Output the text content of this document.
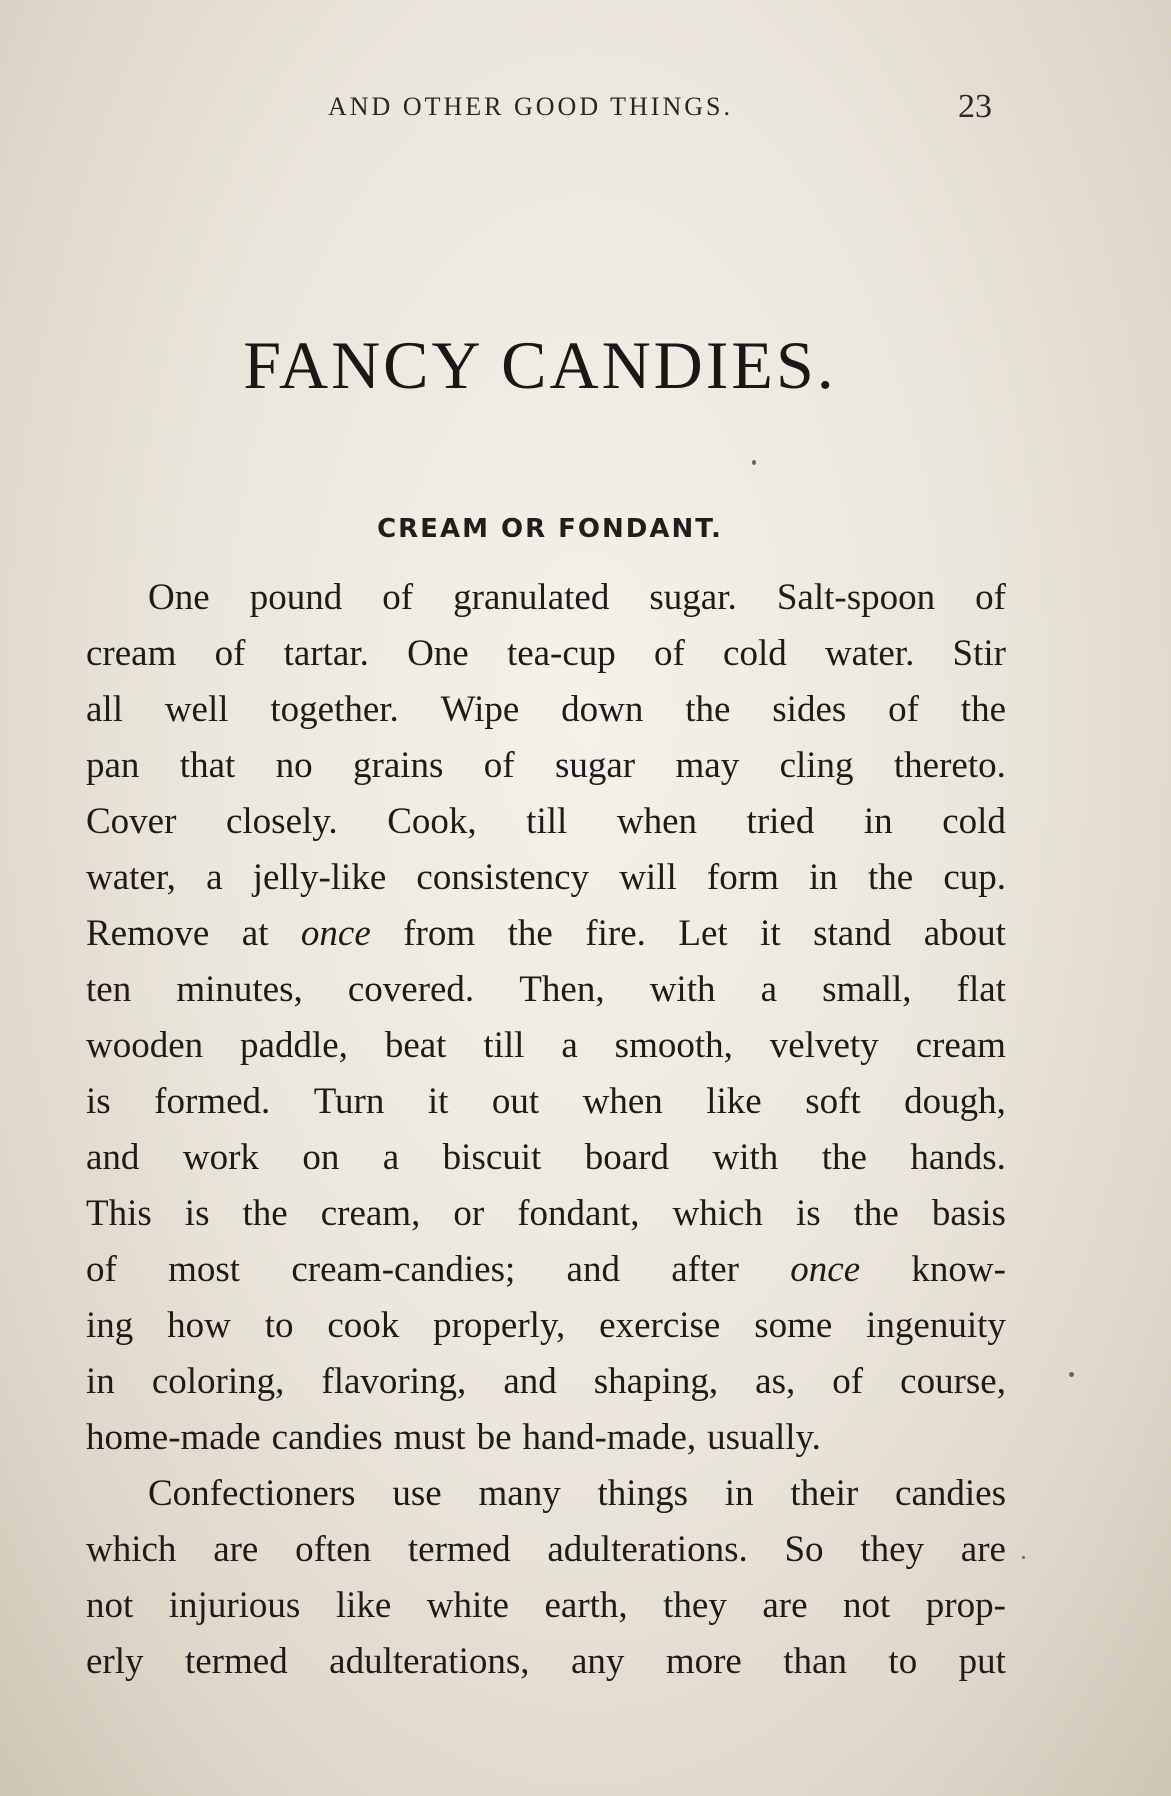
AND OTHER GOOD THINGS.	23
FANCY CANDIES.
CREAM OR FONDANT.
One pound of granulated sugar. Salt-spoon of
cream of tartar. One tea-cup of cold water. Stir
all well together. Wipe down the sides of the
pan that no grains of sugar may cling thereto.
Cover closely. Cook, till when tried in cold
water, a jelly-like consistency will form in the cup.
Remove at once from the fire. Let it stand about
ten minutes, covered. Then, with a small, flat
wooden paddle, beat till a smooth, velvety cream
is formed. Turn it out when like soft dough,
and work on a biscuit board with the hands.
This is the cream, or fondant, which is the basis
of most cream-candies; and after once know-
ing how to cook properly, exercise some ingenuity
in coloring, flavoring, and shaping, as, of course,
home-made candies must be hand-made, usually.
Confectioners use many things in their candies
which are often termed adulterations. So they are
not injurious like white earth, they are not prop-
erly termed adulterations, any more than to put
